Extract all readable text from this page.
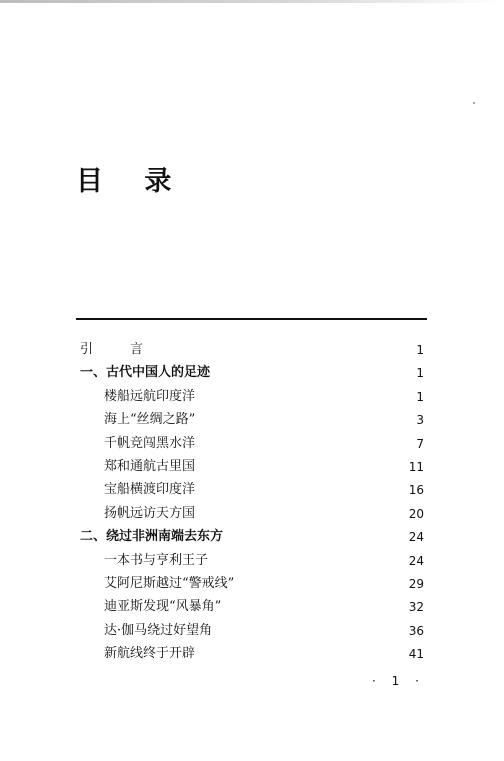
目 录
引　言	1
一、古代中国人的足迹	1
楼船远航印度洋	1
海上“丝绸之路”	3
千帆竞闯黑水洋	7
郑和通航古里国	11
宝船横渡印度洋	16
扬帆远访天方国	20
二、绕过非洲南端去东方	24
一本书与亨利王子	24
艾阿尼斯越过“警戒线”	29
迪亚斯发现“风暴角”	32
达·伽马绕过好望角	36
新航线终于开辟	41
· 1 ·
